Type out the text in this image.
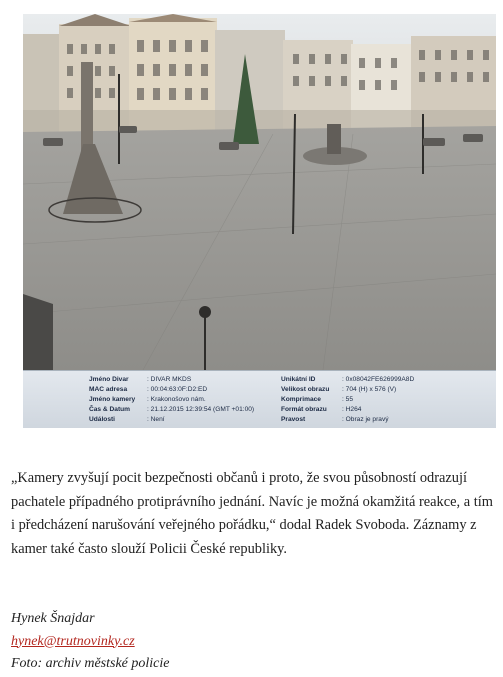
Jméno Divar	: DIVAR MKDS
MAC adresa	: 00:04:63:0F:D2:ED
Jméno kamery	: Krakonošovo nám.
Čas & Datum	: 21.12.2015 12:39:54 (GMT +01:00)
Události	: Není
Unikátní ID	: 0x08042FE626999A8D
Velikost obrazu	: 704 (H) x 576 (V)
Komprimace	: 55
Formát obrazu	: H264
Pravost	: Obraz je pravý

„Kamery zvyšují pocit bezpečnosti občanů i proto, že svou působností odrazují pachatele případného protiprávního jednání. Navíc je možná okamžitá reakce, a tím i předcházení narušování veřejného pořádku,“ dodal Radek Svoboda. Záznamy z kamer také často slouží Policii České republiky.

Hynek Šnajdar
hynek@trutnovinky.cz
Foto: archiv městské policie
